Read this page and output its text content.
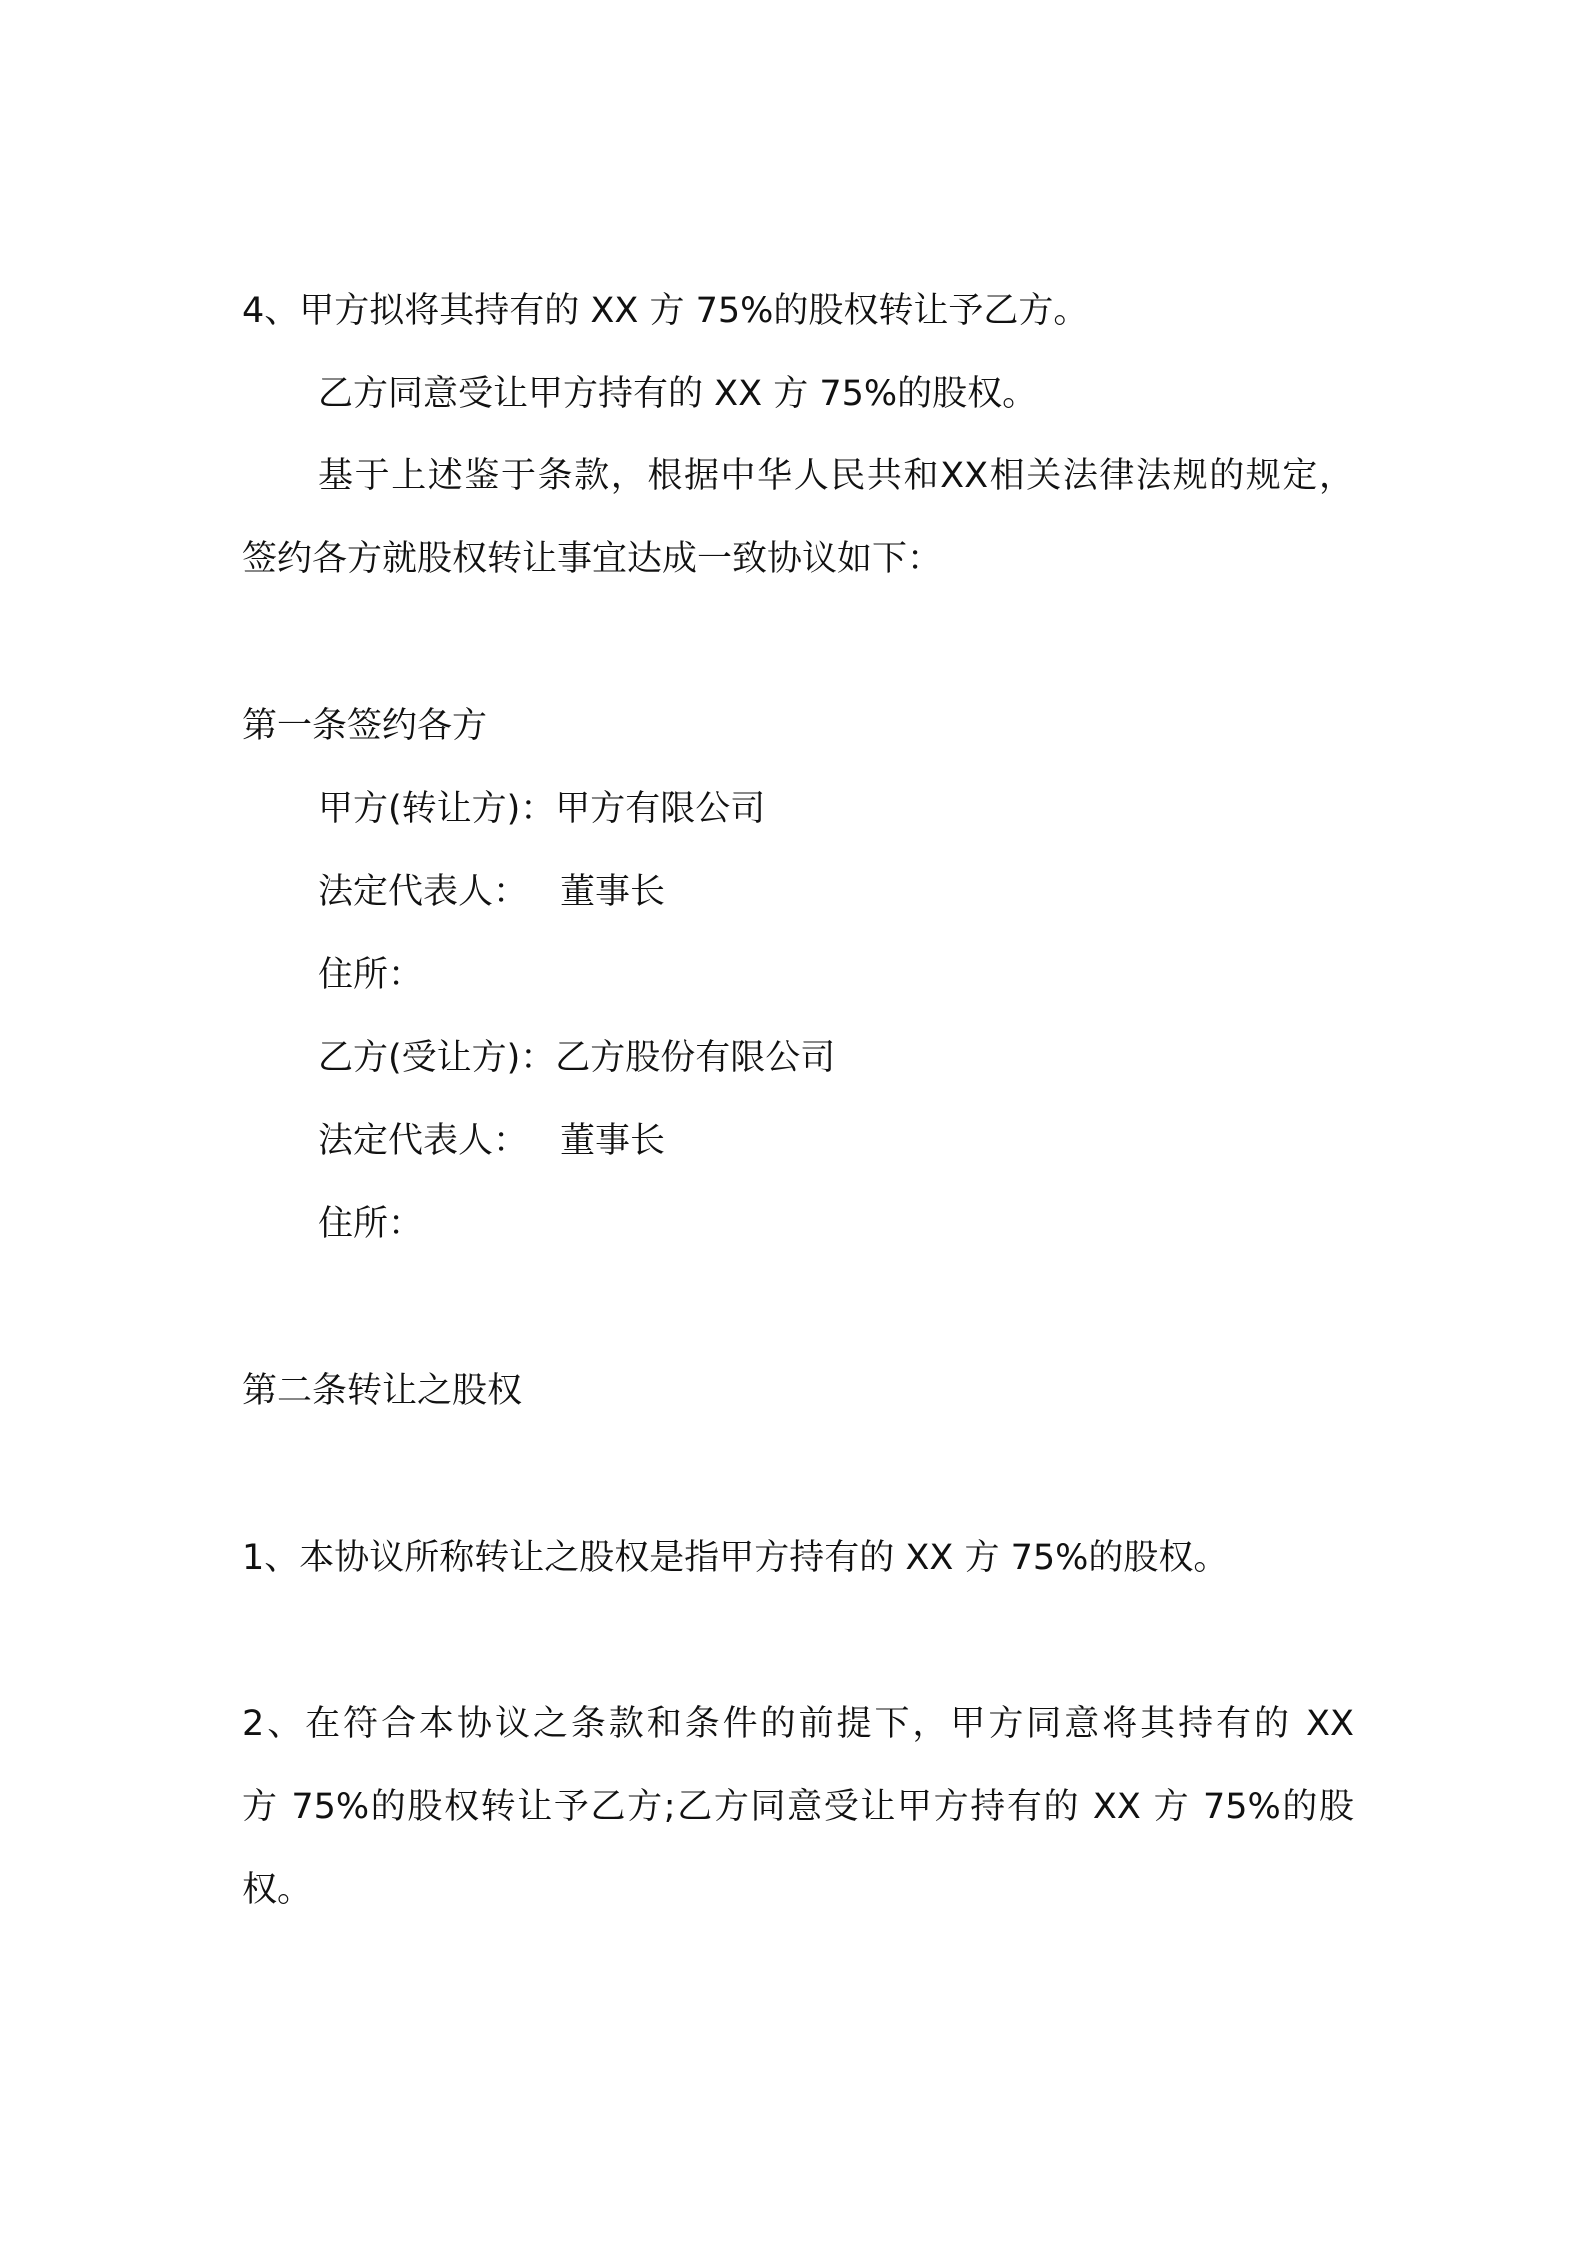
4、甲方拟将其持有的 XX 方 75%的股权转让予乙方。

乙方同意受让甲方持有的 XX 方 75%的股权。

基于上述鉴于条款，根据中华人民共和XX相关法律法规的规定，

签约各方就股权转让事宜达成一致协议如下：

第一条签约各方

甲方(转让方)：甲方有限公司

法定代表人： 董事长

住所：

乙方(受让方)：乙方股份有限公司

法定代表人： 董事长

住所：

第二条转让之股权

1、本协议所称转让之股权是指甲方持有的 XX 方 75%的股权。

2、在符合本协议之条款和条件的前提下，甲方同意将其持有的 XX

方 75%的股权转让予乙方;乙方同意受让甲方持有的 XX 方 75%的股

权。
